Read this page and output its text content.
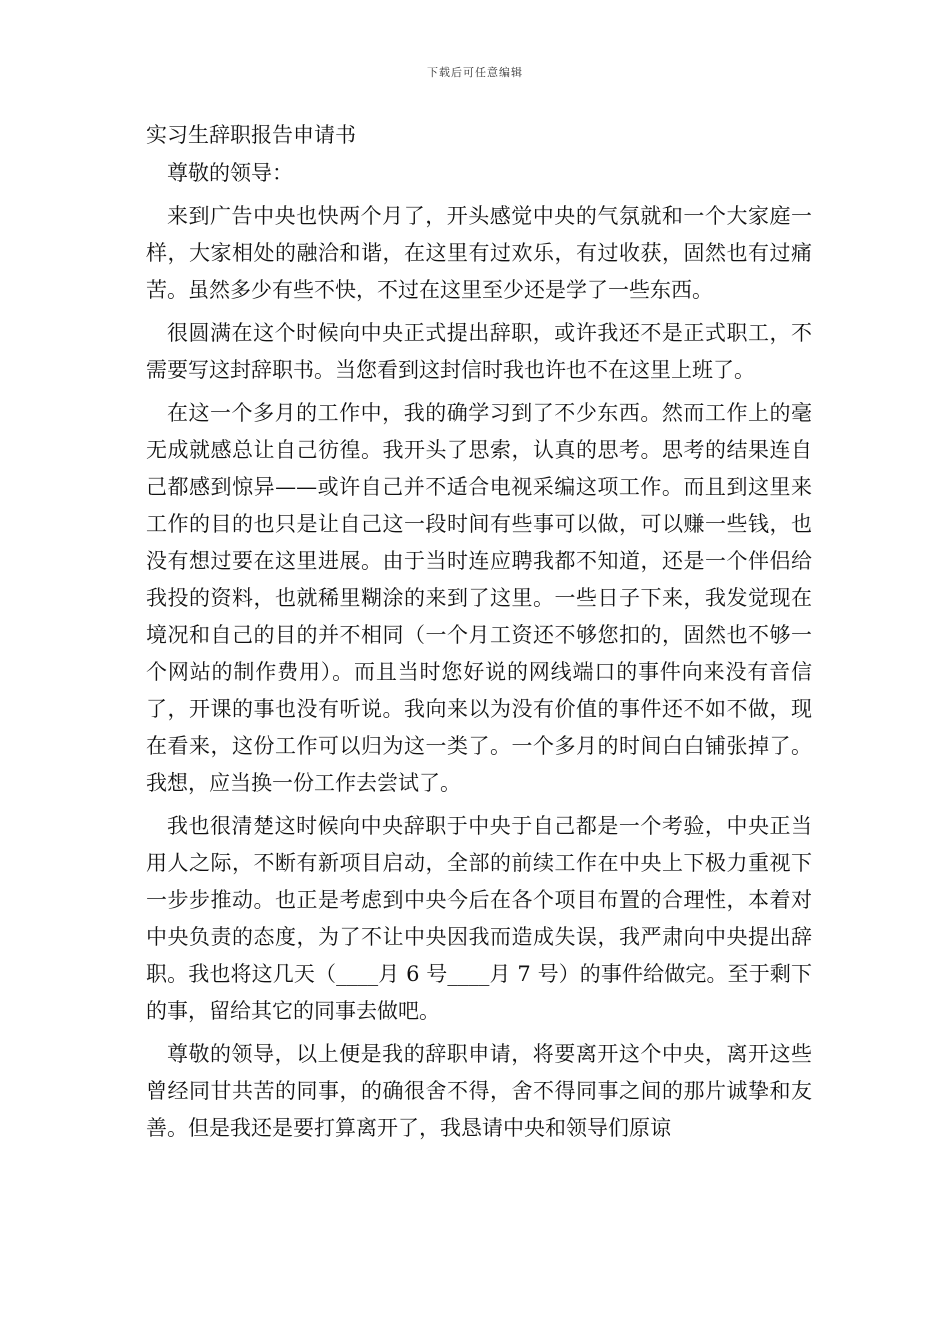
下载后可任意编辑
实习生辞职报告申请书

尊敬的领导：

来到广告中央也快两个月了，开头感觉中央的气氛就和一个大家庭一样，大家相处的融洽和谐，在这里有过欢乐，有过收获，固然也有过痛苦。虽然多少有些不快，不过在这里至少还是学了一些东西。

很圆满在这个时候向中央正式提出辞职，或许我还不是正式职工，不需要写这封辞职书。当您看到这封信时我也许也不在这里上班了。

在这一个多月的工作中，我的确学习到了不少东西。然而工作上的毫无成就感总让自己彷徨。我开头了思索，认真的思考。思考的结果连自己都感到惊异——或许自己并不适合电视采编这项工作。而且到这里来工作的目的也只是让自己这一段时间有些事可以做，可以赚一些钱，也没有想过要在这里进展。由于当时连应聘我都不知道，还是一个伴侣给我投的资料，也就稀里糊涂的来到了这里。一些日子下来，我发觉现在境况和自己的目的并不相同（一个月工资还不够您扣的，固然也不够一个网站的制作费用）。而且当时您好说的网线端口的事件向来没有音信了，开课的事也没有听说。我向来以为没有价值的事件还不如不做，现在看来，这份工作可以归为这一类了。一个多月的时间白白铺张掉了。我想，应当换一份工作去尝试了。

我也很清楚这时候向中央辞职于中央于自己都是一个考验，中央正当用人之际，不断有新项目启动，全部的前续工作在中央上下极力重视下一步步推动。也正是考虑到中央今后在各个项目布置的合理性，本着对中央负责的态度，为了不让中央因我而造成失误，我严肃向中央提出辞职。我也将这几天（____月 6 号____月 7 号）的事件给做完。至于剩下的事，留给其它的同事去做吧。

尊敬的领导，以上便是我的辞职申请，将要离开这个中央，离开这些曾经同甘共苦的同事，的确很舍不得，舍不得同事之间的那片诚挚和友善。但是我还是要打算离开了，我恳请中央和领导们原谅
